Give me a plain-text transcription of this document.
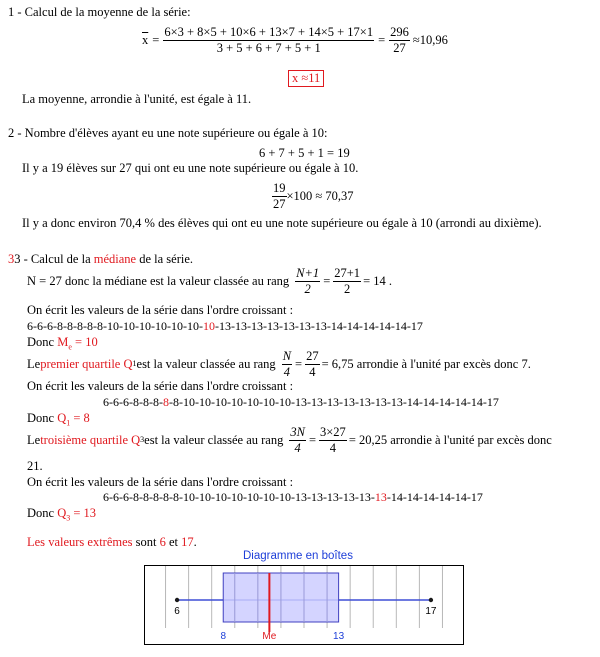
1 - Calcul de la moyenne de la série:
$\overline{x} = \frac{6\times 3 + 8\times 5 + 10\times 6 + 13\times 7 + 14\times 5 + 17\times 1}{3 + 5 + 6 + 7 + 5 + 1} = \frac{296}{27} \approx 10,96$
x ≈11
La moyenne, arrondie à l'unité, est égale à 11.
2 - Nombre d'élèves ayant eu une note supérieure ou égale à 10:
6 + 7 + 5 + 1 = 19
Il y a 19 élèves sur 27 qui ont eu une note supérieure ou égale à 10.
$\frac{19}{27} \times 100 \approx 70,37$
Il y a donc environ 70,4 % des élèves qui ont eu une note supérieure ou égale à 10 (arrondi au dixième).
33 - Calcul de la médiane de la série.
N = 27 donc la médiane est la valeur classée au rang $\frac{N+1}{2} = \frac{27+1}{2} = 14$ .
On écrit les valeurs de la série dans l'ordre croissant :
6-6-6-8-8-8-8-8-10-10-10-10-10-10-10-13-13-13-13-13-13-13-14-14-14-14-14-17
Donc $M_e = 10$
Le premier quartile Q 1 est la valeur classée au rang $\frac{N}{4} = \frac{27}{4} = 6,75$ arrondie à l'unité par excès donc 7.
On écrit les valeurs de la série dans l'ordre croissant :
6-6-6-8-8-8-8-8-10-10-10-10-10-10-10-13-13-13-13-13-13-13-14-14-14-14-14-17
Donc $Q_1 = 8$
Le troisième quartile Q 3 est la valeur classée au rang $\frac{3N}{4} = \frac{3\times 27}{4} = 20,25$ arrondie à l'unité par excès donc
21.
On écrit les valeurs de la série dans l'ordre croissant :
6-6-6-8-8-8-8-8-10-10-10-10-10-10-10-13-13-13-13-13-13-14-14-14-14-14-17
Donc $Q_3 = 13$
Les valeurs extrêmes sont 6 et 17.
Diagramme en boîtes
6	17
8	Me	13
